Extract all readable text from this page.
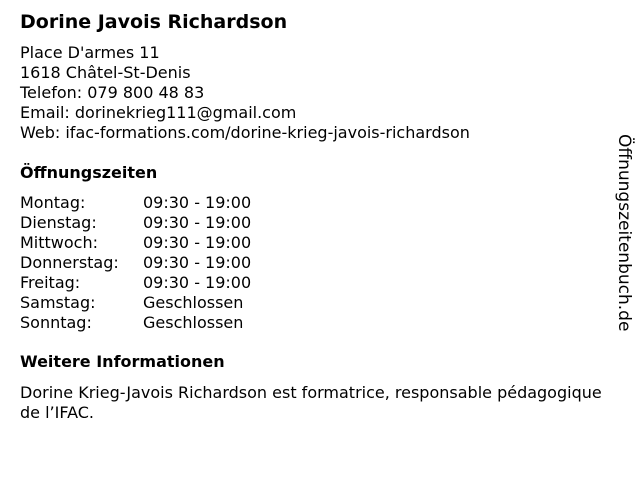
Dorine Javois Richardson
Place D'armes 11
1618 Châtel-St-Denis
Telefon: 079 800 48 83
Email: dorinekrieg111@gmail.com
Web: ifac-formations.com/dorine-krieg-javois-richardson
Öffnungszeiten
Montag:	09:30 - 19:00
Dienstag:	09:30 - 19:00
Mittwoch:	09:30 - 19:00
Donnerstag:	09:30 - 19:00
Freitag:	09:30 - 19:00
Samstag:	Geschlossen
Sonntag:	Geschlossen
Weitere Informationen
Dorine Krieg-Javois Richardson est formatrice, responsable pédagogique de l’IFAC.
Öffnungszeitenbuch.de
